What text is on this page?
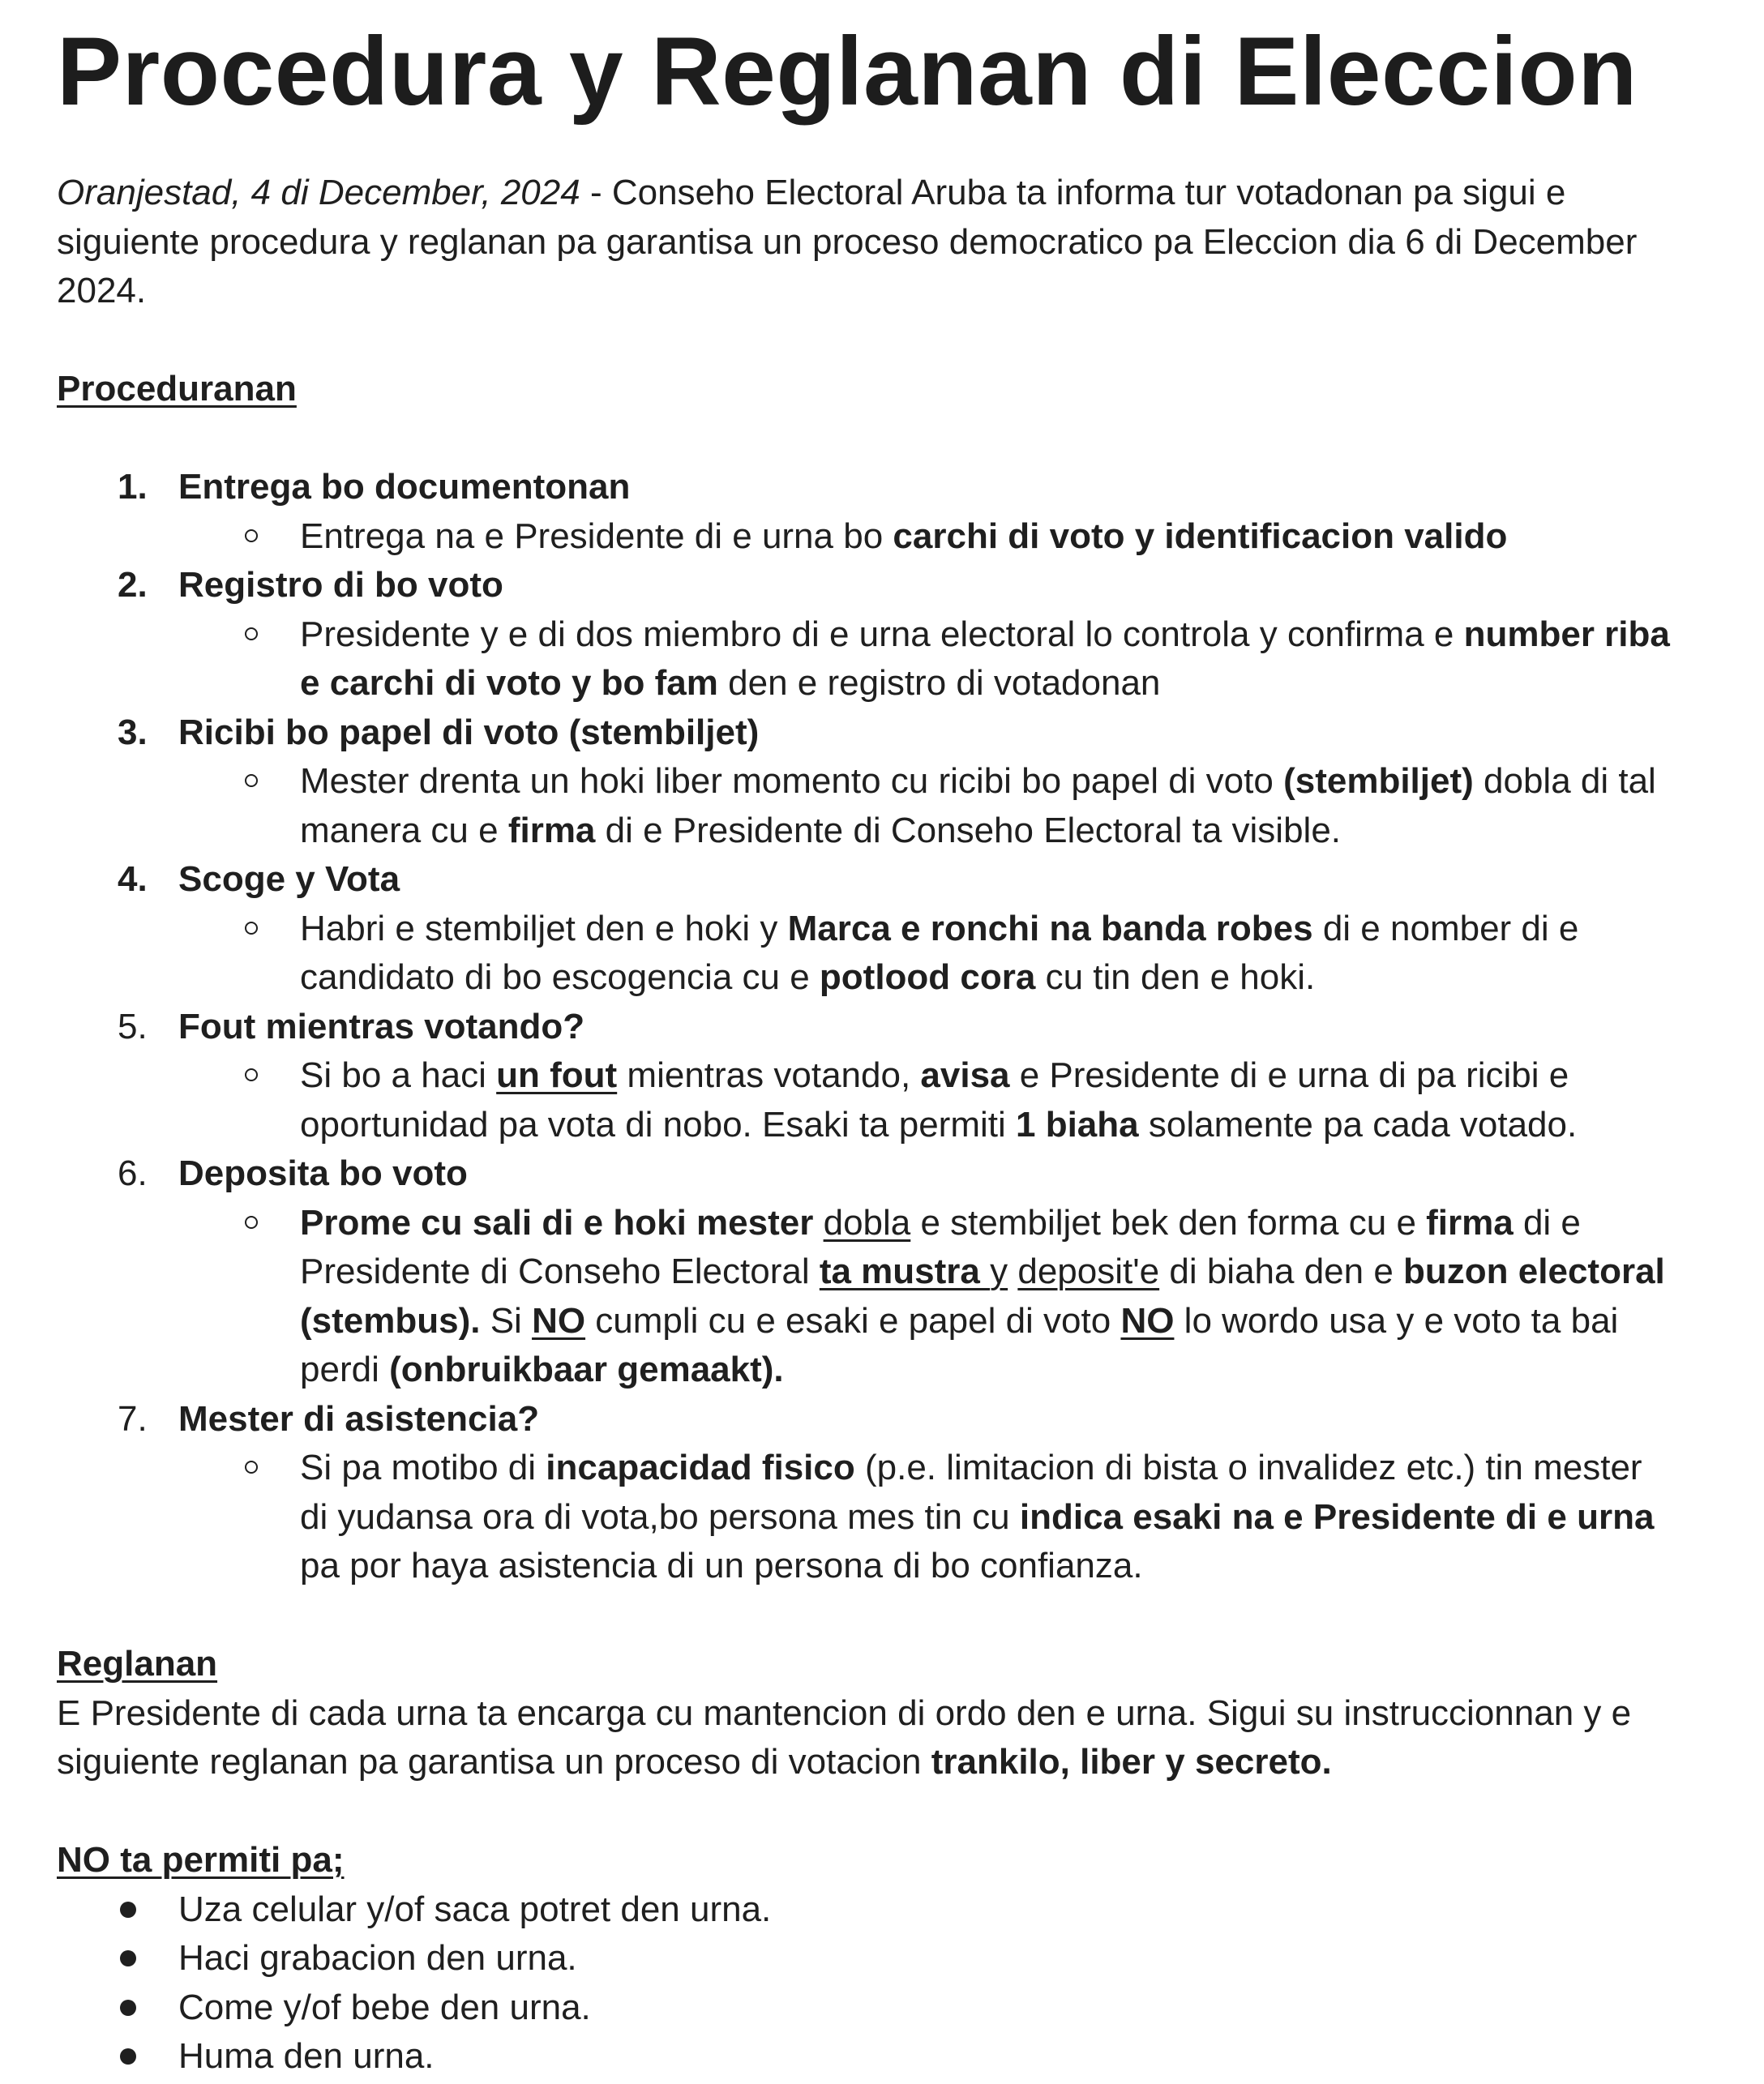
Procedura y Reglanan di Eleccion
Oranjestad, 4 di December, 2024 - Conseho Electoral Aruba ta informa tur votadonan pa sigui e siguiente procedura y reglanan pa garantisa un proceso democratico pa Eleccion dia 6 di December 2024.
Proceduranan
1. Entrega bo documentonan
Entrega na e Presidente di e urna bo carchi di voto y identificacion valido
2. Registro di bo voto
Presidente y e di dos miembro di e urna electoral lo controla y confirma e number riba e carchi di voto y bo fam den e registro di votadonan
3. Ricibi bo papel di voto (stembiljet)
Mester drenta un hoki liber momento cu ricibi bo papel di voto (stembiljet) dobla di tal manera cu e firma di e Presidente di Conseho Electoral ta visible.
4. Scoge y Vota
Habri e stembiljet den e hoki y Marca e ronchi na banda robes di e nomber di e candidato di bo escogencia cu e potlood cora cu tin den e hoki.
5. Fout mientras votando?
Si bo a haci un fout mientras votando, avisa e Presidente di e urna di pa ricibi e oportunidad pa vota di nobo. Esaki ta permiti 1 biaha solamente pa cada votado.
6. Deposita bo voto
Prome cu sali di e hoki mester dobla e stembiljet bek den forma cu e firma di e Presidente di Conseho Electoral ta mustra y deposit'e di biaha den e buzon electoral (stembus). Si NO cumpli cu e esaki e papel di voto NO lo wordo usa y e voto ta bai perdi (onbruikbaar gemaakt).
7. Mester di asistencia?
Si pa motibo di incapacidad fisico (p.e. limitacion di bista o invalidez etc.) tin mester di yudansa ora di vota,bo persona mes tin cu indica esaki na e Presidente di e urna pa por haya asistencia di un persona di bo confianza.
Reglanan
E Presidente di cada urna ta encarga cu mantencion di ordo den e urna. Sigui su instruccionnan y e siguiente reglanan pa garantisa un proceso di votacion trankilo, liber y secreto.
NO ta permiti pa;
Uza celular y/of saca potret den urna.
Haci grabacion den urna.
Come y/of bebe den urna.
Huma den urna.
